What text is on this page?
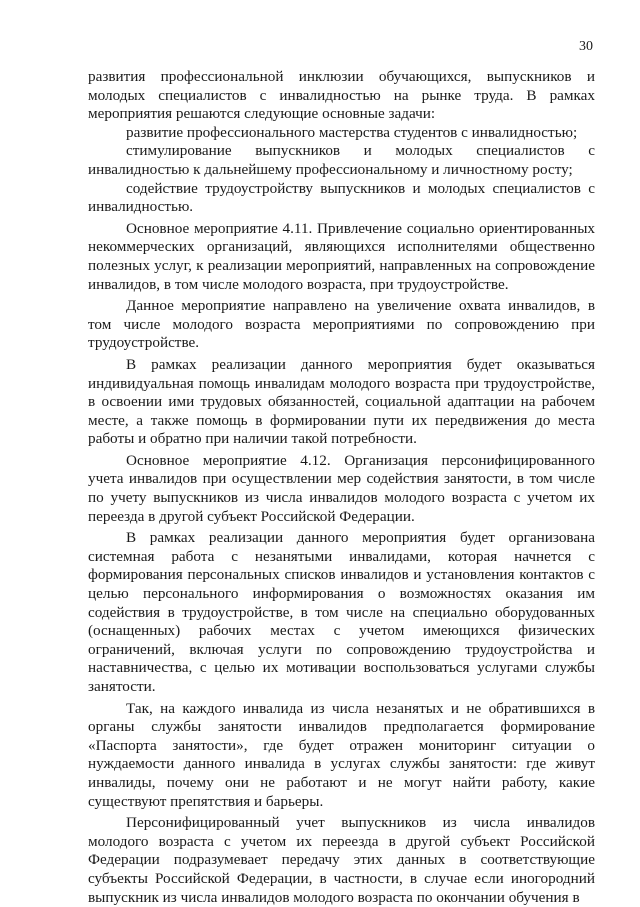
30

развития профессиональной инклюзии обучающихся, выпускников и молодых специалистов с инвалидностью на рынке труда. В рамках мероприятия решаются следующие основные задачи:

развитие профессионального мастерства студентов с инвалидностью;

стимулирование выпускников и молодых специалистов с инвалидностью к дальнейшему профессиональному и личностному росту;

содействие трудоустройству выпускников и молодых специалистов с инвалидностью.

Основное мероприятие 4.11. Привлечение социально ориентированных некоммерческих организаций, являющихся исполнителями общественно полезных услуг, к реализации мероприятий, направленных на сопровождение инвалидов, в том числе молодого возраста, при трудоустройстве.

Данное мероприятие направлено на увеличение охвата инвалидов, в том числе молодого возраста мероприятиями по сопровождению при трудоустройстве.

В рамках реализации данного мероприятия будет оказываться индивидуальная помощь инвалидам молодого возраста при трудоустройстве, в освоении ими трудовых обязанностей, социальной адаптации на рабочем месте, а также помощь в формировании пути их передвижения до места работы и обратно при наличии такой потребности.

Основное мероприятие 4.12. Организация персонифицированного учета инвалидов при осуществлении мер содействия занятости, в том числе по учету выпускников из числа инвалидов молодого возраста с учетом их переезда в другой субъект Российской Федерации.

В рамках реализации данного мероприятия будет организована системная работа с незанятыми инвалидами, которая начнется с формирования персональных списков инвалидов и установления контактов с целью персонального информирования о возможностях оказания им содействия в трудоустройстве, в том числе на специально оборудованных (оснащенных) рабочих местах с учетом имеющихся физических ограничений, включая услуги по сопровождению трудоустройства и наставничества, с целью их мотивации воспользоваться услугами службы занятости.

Так, на каждого инвалида из числа незанятых и не обратившихся в органы службы занятости инвалидов предполагается формирование «Паспорта занятости», где будет отражен мониторинг ситуации о нуждаемости данного инвалида в услугах службы занятости: где живут инвалиды, почему они не работают и не могут найти работу, какие существуют препятствия и барьеры.

Персонифицированный учет выпускников из числа инвалидов молодого возраста с учетом их переезда в другой субъект Российской Федерации подразумевает передачу этих данных в соответствующие субъекты Российской Федерации, в частности, в случае если иногородний выпускник из числа инвалидов молодого возраста по окончании обучения в
